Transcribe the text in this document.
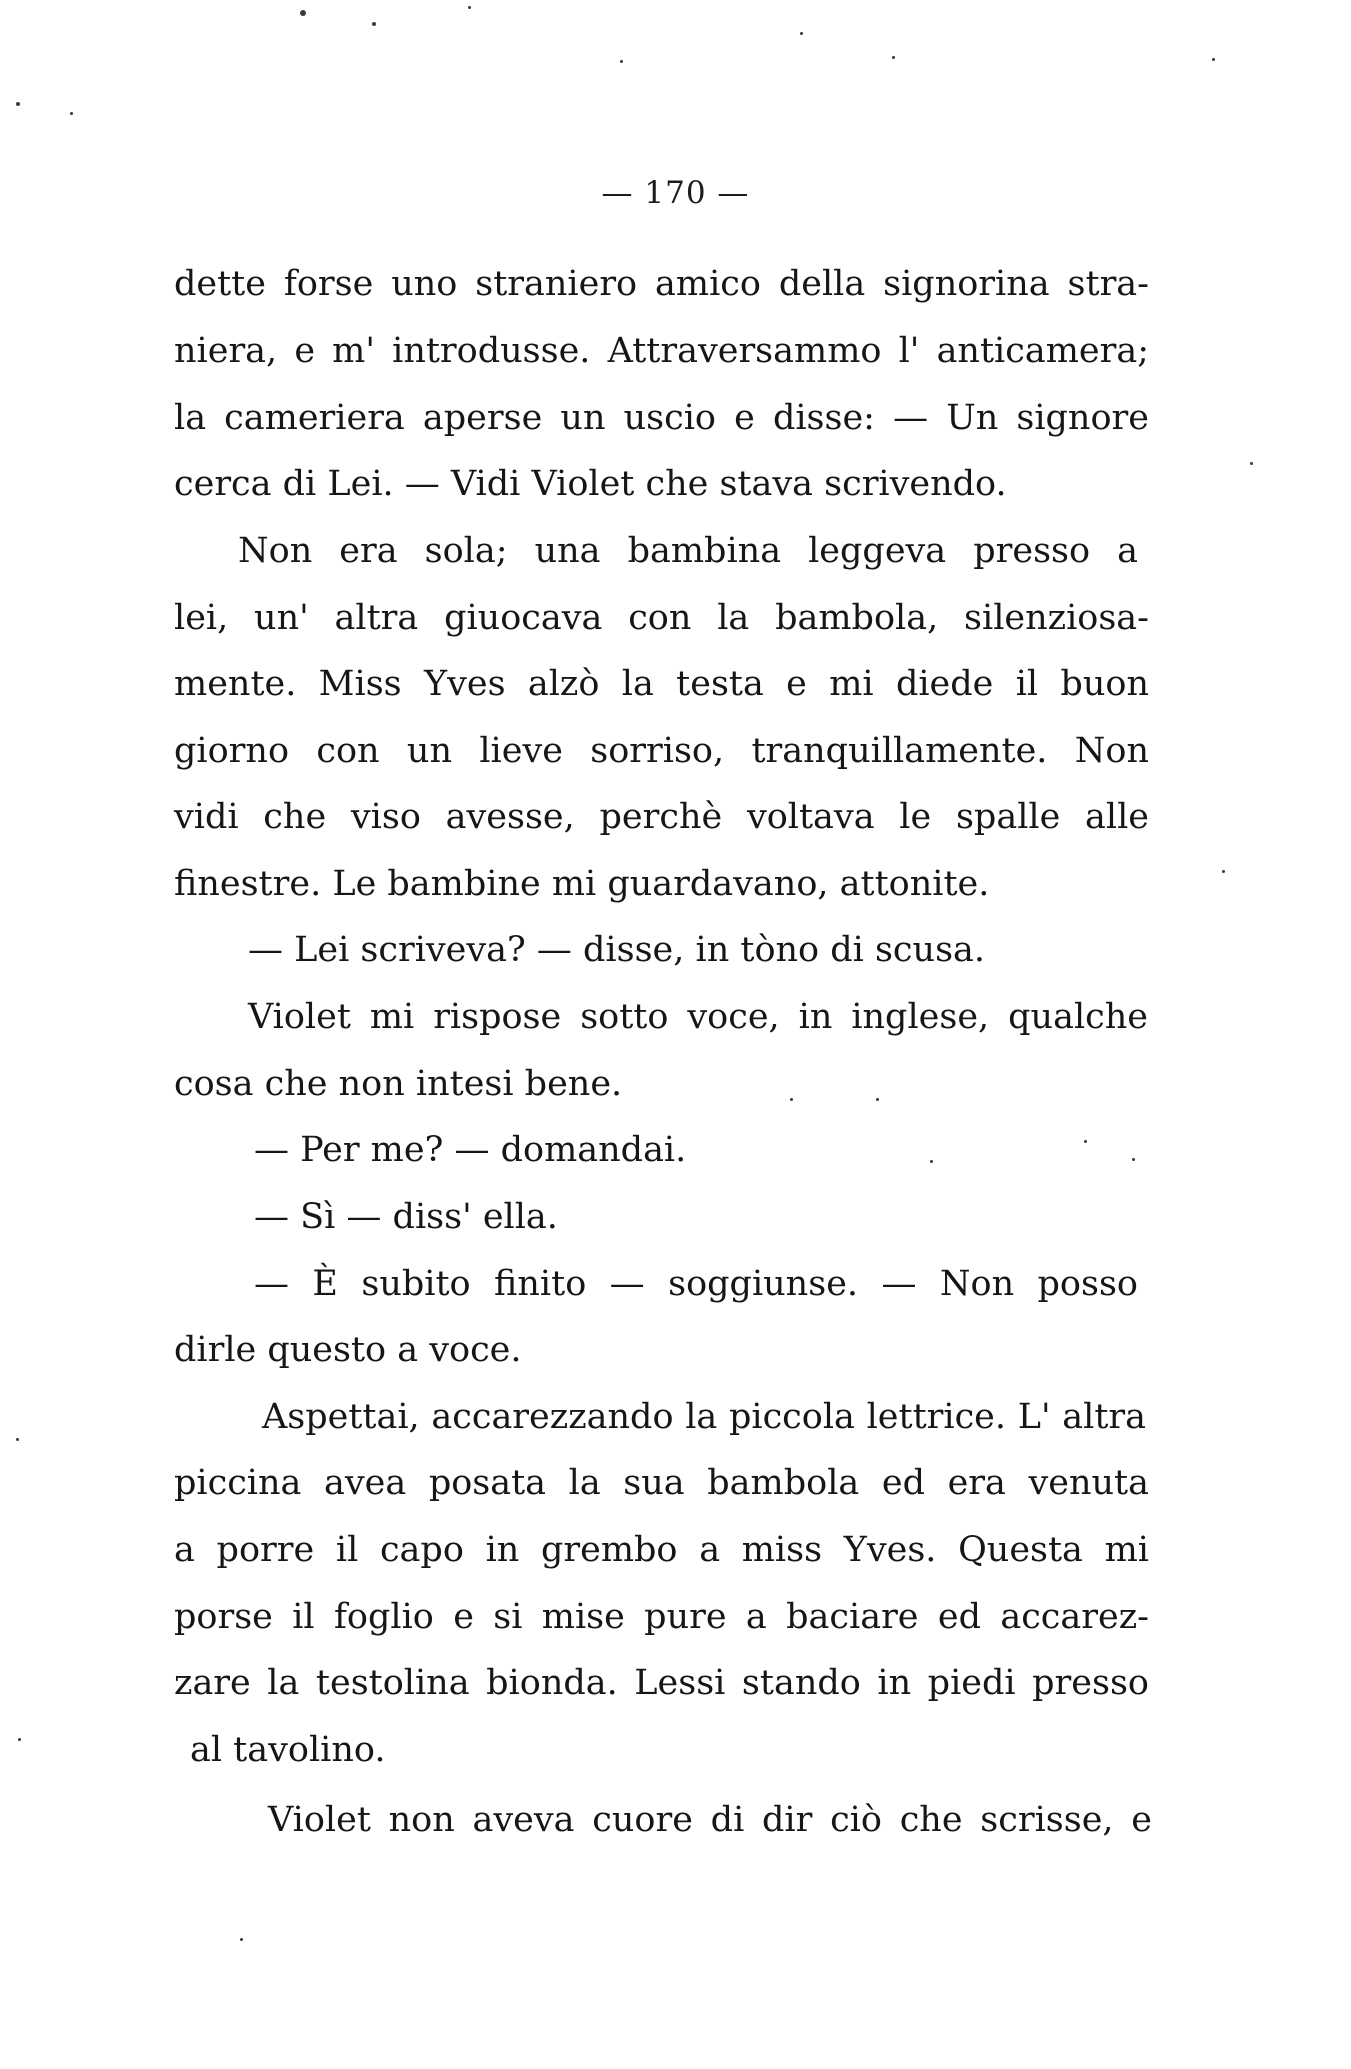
— 170 —
dette forse uno straniero amico della signorina stra-
niera, e m' introdusse. Attraversammo l' anticamera;
la cameriera aperse un uscio e disse: — Un signore
cerca di Lei. — Vidi Violet che stava scrivendo.
Non era sola; una bambina leggeva presso a
lei, un' altra giuocava con la bambola, silenziosa-
mente. Miss Yves alzò la testa e mi diede il buon
giorno con un lieve sorriso, tranquillamente. Non
vidi che viso avesse, perchè voltava le spalle alle
finestre. Le bambine mi guardavano, attonite.
— Lei scriveva? — disse, in tòno di scusa.
Violet mi rispose sotto voce, in inglese, qualche
cosa che non intesi bene.
— Per me? — domandai.
— Sì — diss' ella.
— È subito finito — soggiunse. — Non posso
dirle questo a voce.
Aspettai, accarezzando la piccola lettrice. L' altra
piccina avea posata la sua bambola ed era venuta
a porre il capo in grembo a miss Yves. Questa mi
porse il foglio e si mise pure a baciare ed accarez-
zare la testolina bionda. Lessi stando in piedi presso
al tavolino.
Violet non aveva cuore di dir ciò che scrisse, e
